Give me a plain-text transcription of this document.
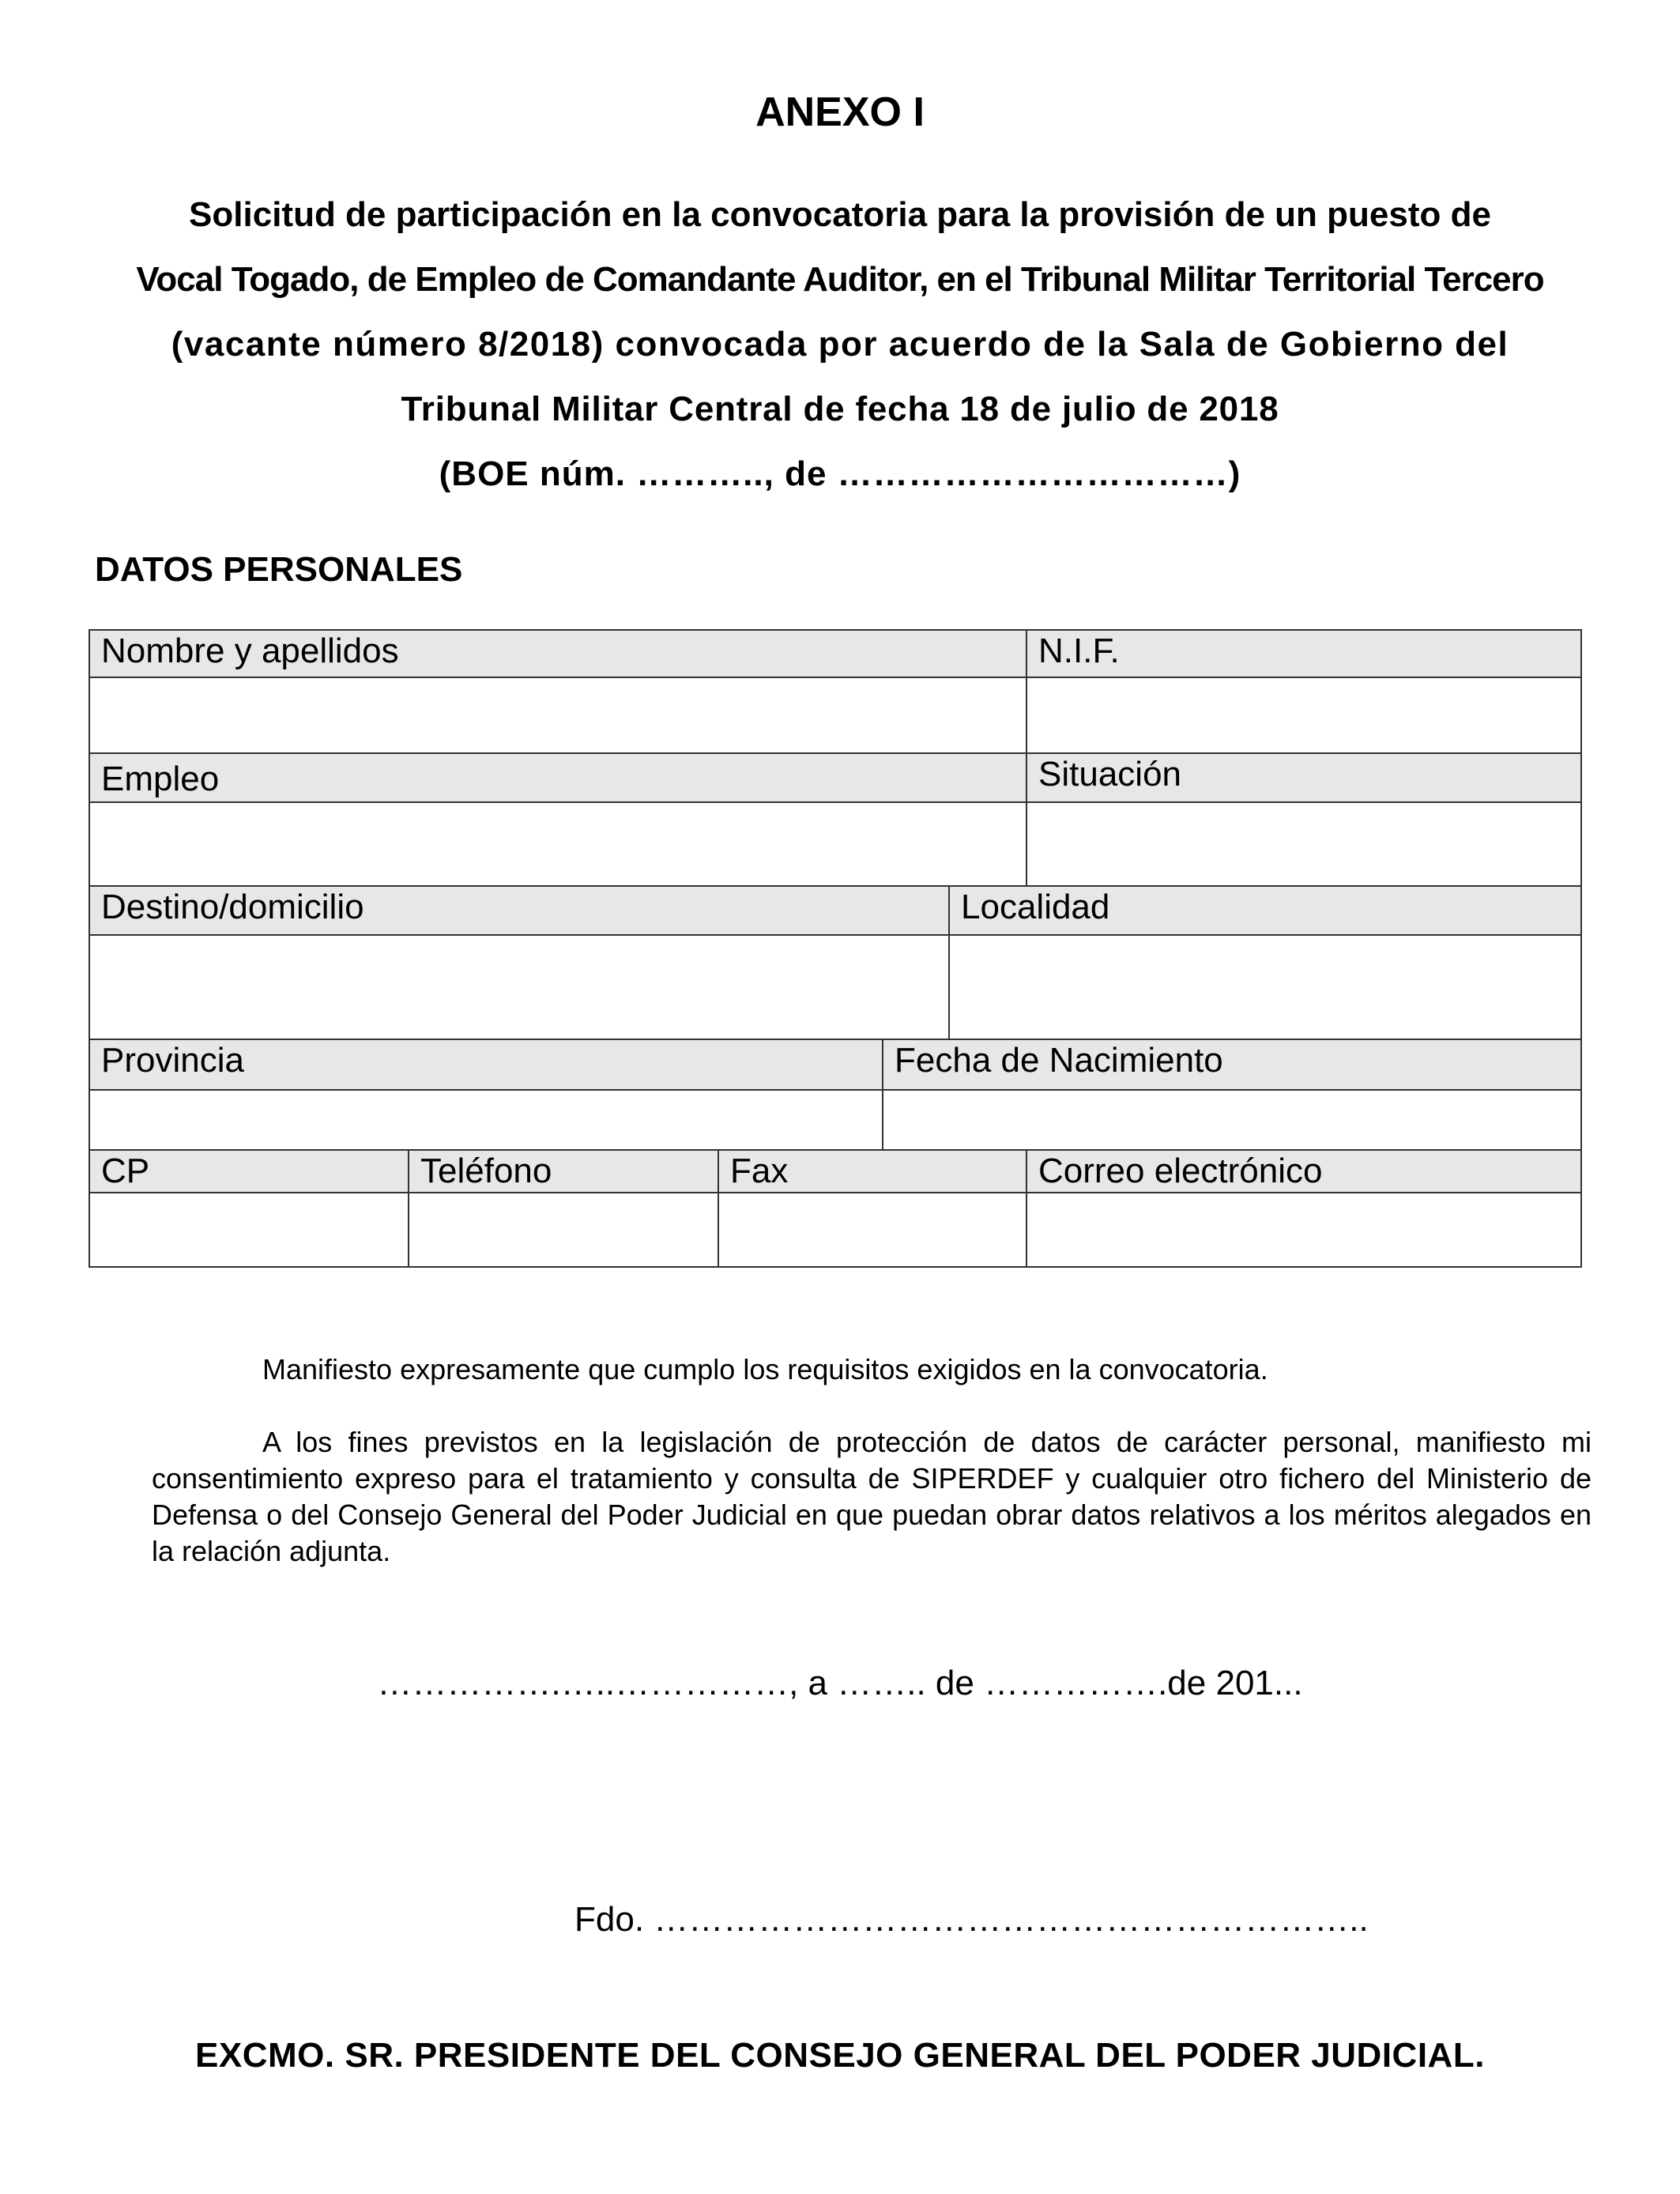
ANEXO I
Solicitud de participación en la convocatoria para la provisión de un puesto de
Vocal Togado, de Empleo de Comandante Auditor, en el Tribunal Militar Territorial Tercero
(vacante número 8/2018) convocada por acuerdo de la Sala de Gobierno del
Tribunal Militar Central de fecha 18 de julio de 2018
(BOE núm. ……….., de ……………………………)
DATOS PERSONALES
Nombre y apellidos	N.I.F.
Empleo	Situación
Destino/domicilio	Localidad
Provincia	Fecha de Nacimiento
CP	Teléfono	Fax	Correo electrónico
Manifiesto expresamente que cumplo los requisitos exigidos en la convocatoria.
A los fines previstos en la legislación de protección de datos de carácter personal, manifiesto mi consentimiento expreso para el tratamiento y consulta de SIPERDEF y cualquier otro fichero del Ministerio de Defensa o del Consejo General del Poder Judicial en que puedan obrar datos relativos a los méritos alegados en la relación adjunta.
…………….…..……………, a …….. de …………….de 201...
Fdo. ……………………………………………………..
EXCMO. SR. PRESIDENTE DEL CONSEJO GENERAL DEL PODER JUDICIAL.
